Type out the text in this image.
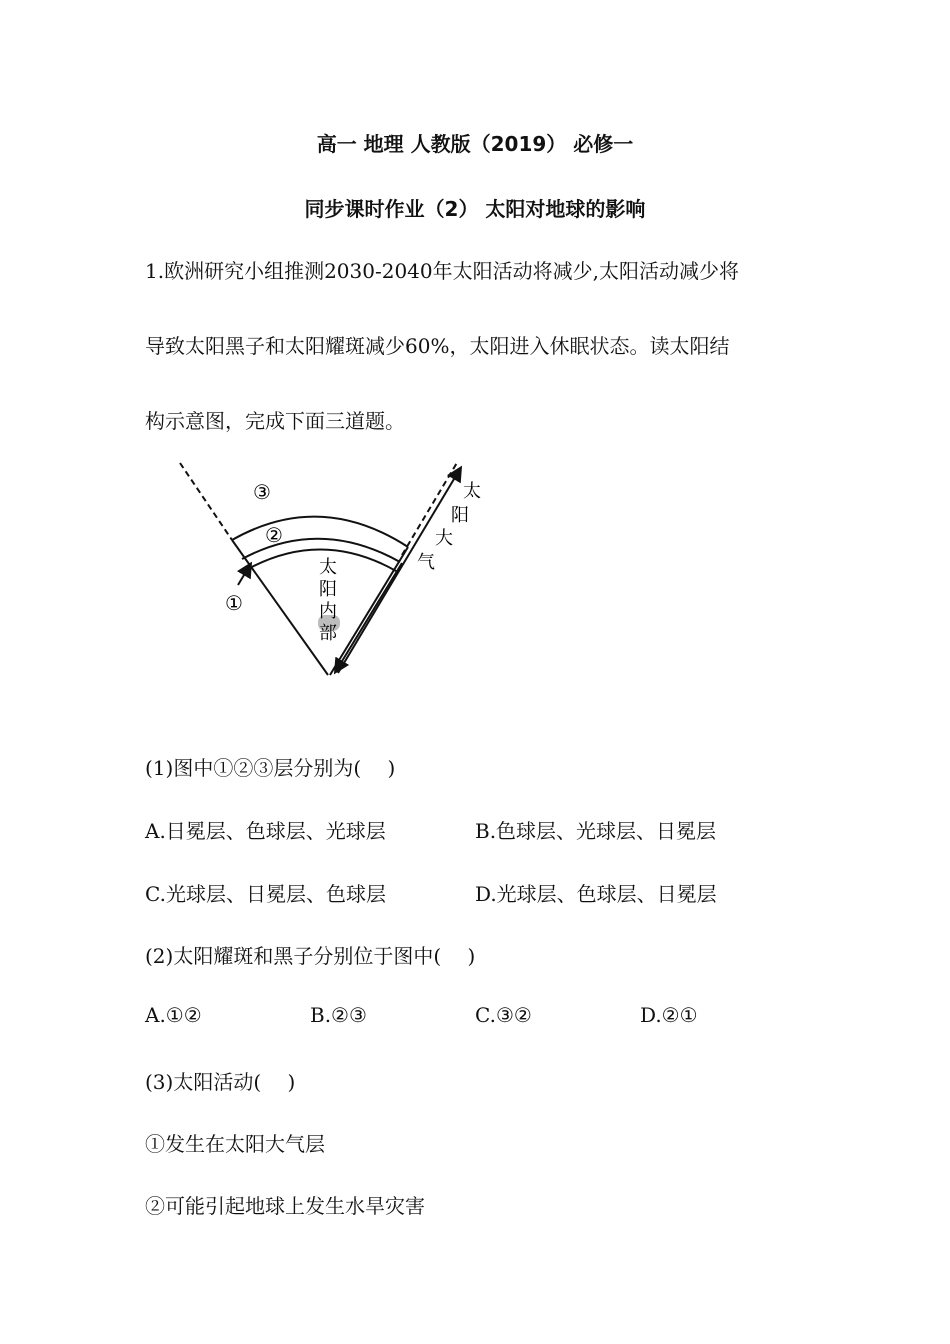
高一 地理 人教版（2019） 必修一
同步课时作业（2） 太阳对地球的影响
1.欧洲研究小组推测2030-2040年太阳活动将减少,太阳活动减少将
导致太阳黑子和太阳耀斑减少60%，太阳进入休眠状态。读太阳结
构示意图，完成下面三道题。
③
②
①
太
阳
内
部
太
阳
大
气
(1)图中①②③层分别为(　 )
A.日冕层、色球层、光球层	B.色球层、光球层、日冕层
C.光球层、日冕层、色球层	D.光球层、色球层、日冕层
(2)太阳耀斑和黑子分别位于图中(　 )
A.①②	B.②③	C.③②	D.②①
(3)太阳活动(　 )
①发生在太阳大气层
②可能引起地球上发生水旱灾害
